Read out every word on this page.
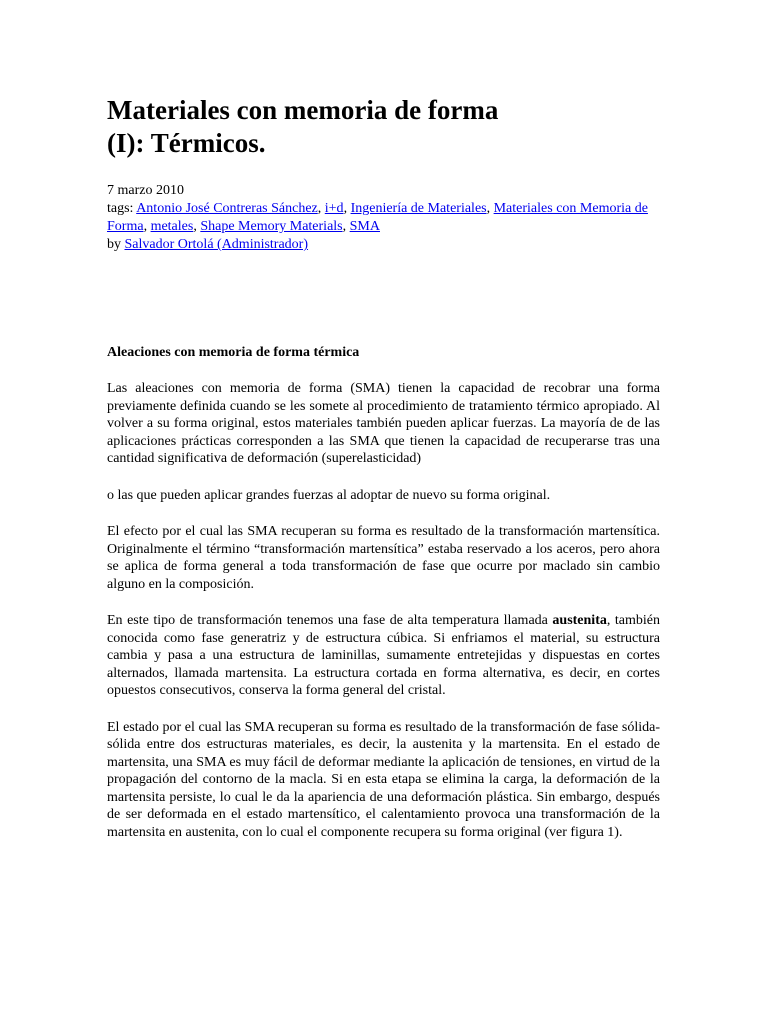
Materiales con memoria de forma
(I): Térmicos.
7 marzo 2010
tags: Antonio José Contreras Sánchez, i+d, Ingeniería de Materiales, Materiales con Memoria de Forma, metales, Shape Memory Materials, SMA
by Salvador Ortolá (Administrador)
Aleaciones con memoria de forma térmica

Las aleaciones con memoria de forma (SMA) tienen la capacidad de recobrar una forma previamente definida cuando se les somete al procedimiento de tratamiento térmico apropiado. Al volver a su forma original, estos materiales también pueden aplicar fuerzas. La mayoría de de las aplicaciones prácticas corresponden a las SMA que tienen la capacidad de recuperarse tras una cantidad significativa de deformación (superelasticidad)

o las que pueden aplicar grandes fuerzas al adoptar de nuevo su forma original.

El efecto por el cual las SMA recuperan su forma es resultado de la transformación martensítica. Originalmente el término “transformación martensítica” estaba reservado a los aceros, pero ahora se aplica de forma general a toda transformación de fase que ocurre por maclado sin cambio alguno en la composición.

En este tipo de transformación tenemos una fase de alta temperatura llamada austenita, también conocida como fase generatriz y de estructura cúbica. Si enfriamos el material, su estructura cambia y pasa a una estructura de laminillas, sumamente entretejidas y dispuestas en cortes alternados, llamada martensita. La estructura cortada en forma alternativa, es decir, en cortes opuestos consecutivos, conserva la forma general del cristal.

El estado por el cual las SMA recuperan su forma es resultado de la transformación de fase sólida-sólida entre dos estructuras materiales, es decir, la austenita y la martensita. En el estado de martensita, una SMA es muy fácil de deformar mediante la aplicación de tensiones, en virtud de la propagación del contorno de la macla. Si en esta etapa se elimina la carga, la deformación de la martensita persiste, lo cual le da la apariencia de una deformación plástica. Sin embargo, después de ser deformada en el estado martensítico, el calentamiento provoca una transformación de la martensita en austenita, con lo cual el componente recupera su forma original (ver figura 1).
